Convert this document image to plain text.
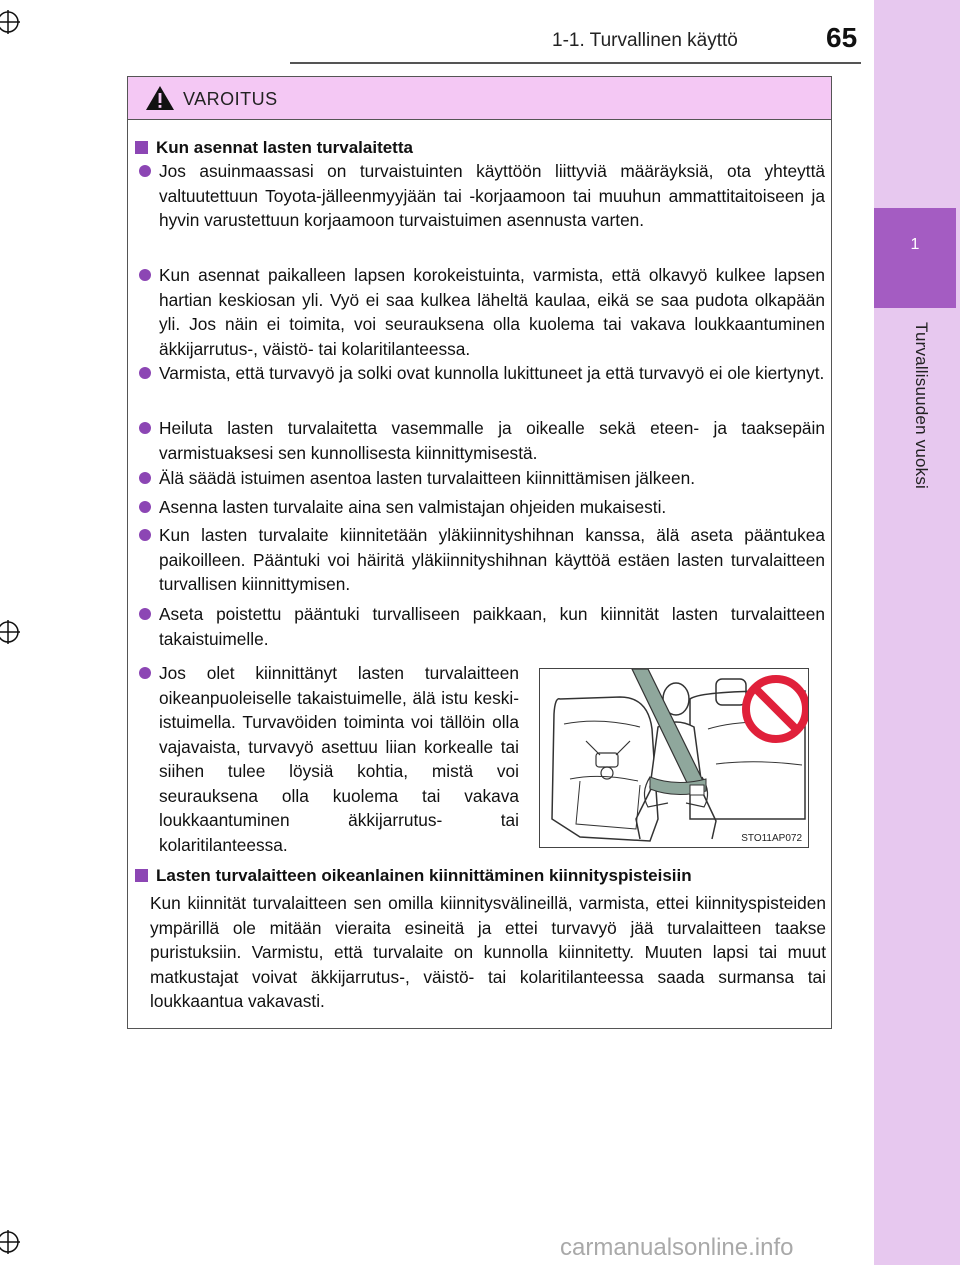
1-1. Turvallinen käyttö	65
1
Turvallisuuden vuoksi
VAROITUS
Kun asennat lasten turvalaitetta
Jos asuinmaassasi on turvaistuinten käyttöön liittyviä määräyksiä, ota yhteyttä valtuutettuun Toyota-jälleenmyyjään tai -korjaamoon tai muuhun ammattitaitoiseen ja hyvin varustettuun korjaamoon turvaistuimen asennusta varten.
Kun asennat paikalleen lapsen korokeistuinta, varmista, että olkavyö kulkee lapsen hartian keskiosan yli. Vyö ei saa kulkea läheltä kaulaa, eikä se saa pudota olkapään yli. Jos näin ei toimita, voi seurauksena olla kuolema tai vakava loukkaantuminen äkkijarrutus-, väistö- tai kolaritilanteessa.
Varmista, että turvavyö ja solki ovat kunnolla lukittuneet ja että turvavyö ei ole kiertynyt.
Heiluta lasten turvalaitetta vasemmalle ja oikealle sekä eteen- ja taaksepäin varmistuaksesi sen kunnollisesta kiinnittymisestä.
Älä säädä istuimen asentoa lasten turvalaitteen kiinnittämisen jälkeen.
Asenna lasten turvalaite aina sen valmistajan ohjeiden mukaisesti.
Kun lasten turvalaite kiinnitetään yläkiinnityshihnan kanssa, älä aseta pääntukea paikoilleen. Pääntuki voi häiritä yläkiinnityshihnan käyttöä estäen lasten turvalaitteen turvallisen kiinnittymisen.
Aseta poistettu pääntuki turvalliseen paikkaan, kun kiinnität lasten turvalaitteen takaistuimelle.
Jos olet kiinnittänyt lasten turvalaitteen oikeanpuoleiselle takaistuimelle, älä istu keski-istuimella. Turvavöiden toiminta voi tällöin olla vajavaista, turvavyö asettuu liian korkealle tai siihen tulee löysiä kohtia, mistä voi seurauksena olla kuolema tai vakava loukkaantuminen äkkijarrutus- tai kolaritilanteessa.	STO11AP072
Lasten turvalaitteen oikeanlainen kiinnittäminen kiinnityspisteisiin
Kun kiinnität turvalaitteen sen omilla kiinnitysvälineillä, varmista, ettei kiinnityspisteiden ympärillä ole mitään vieraita esineitä ja ettei turvavyö jää turvalaitteen taakse puristuksiin. Varmistu, että turvalaite on kunnolla kiinnitetty. Muuten lapsi tai muut matkustajat voivat äkkijarrutus-, väistö- tai kolaritilanteessa saada surmansa tai loukkaantua vakavasti.
carmanualsonline.info
